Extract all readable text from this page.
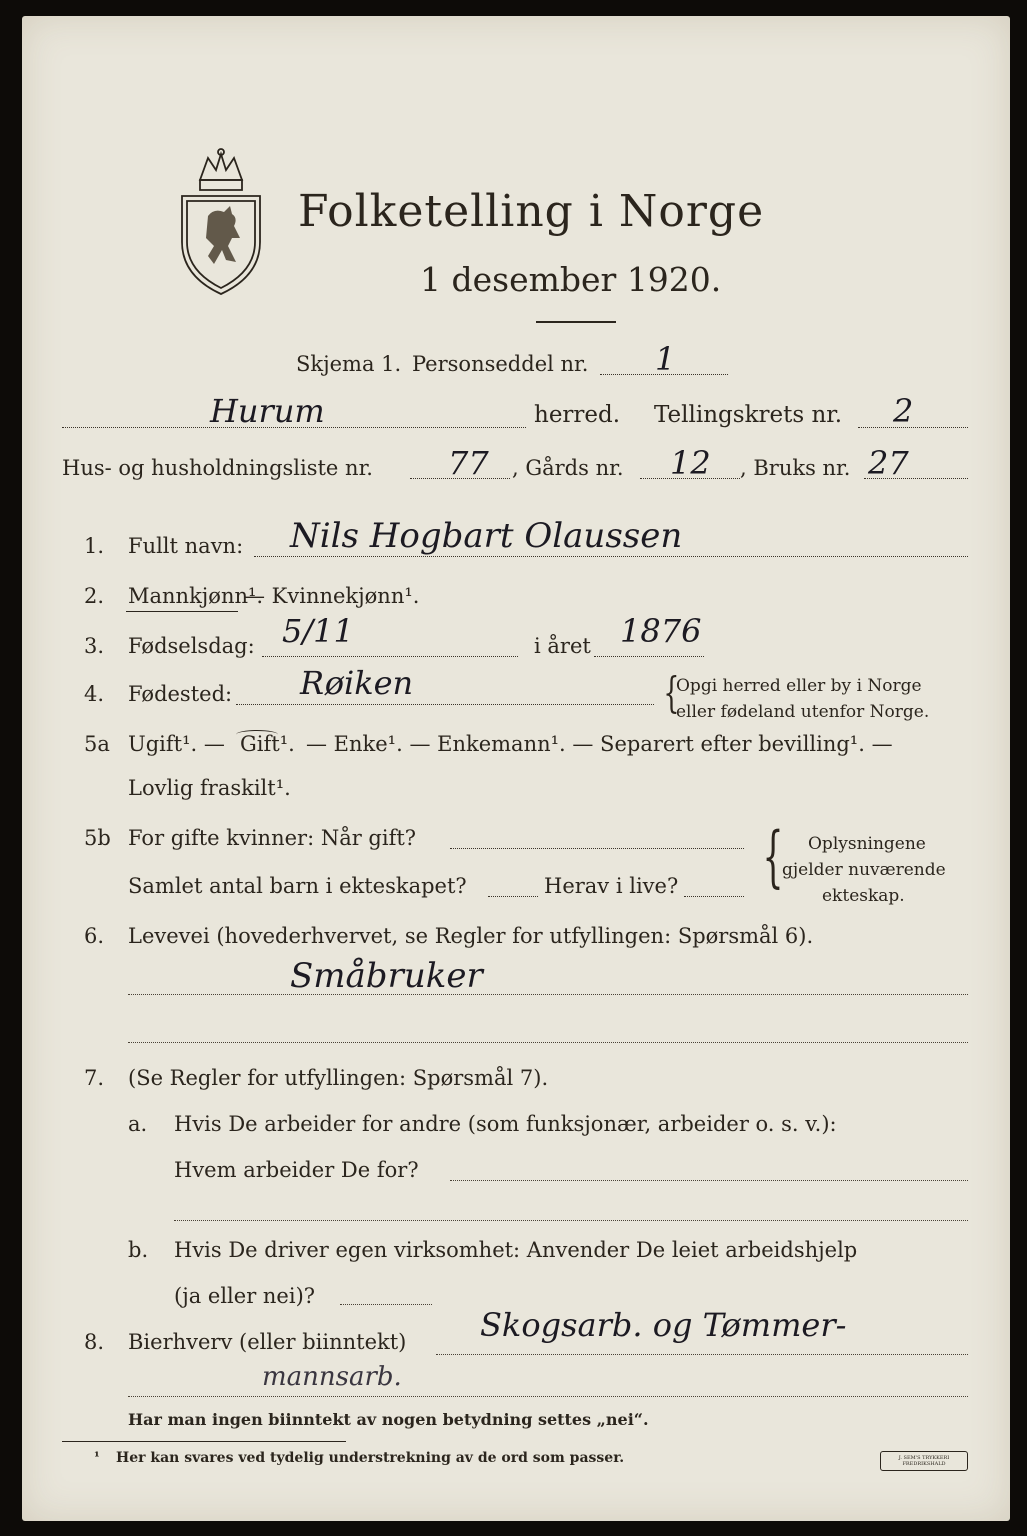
Folketelling i Norge
1 desember 1920.
Skjema 1. Personseddel nr. 1
Hurum	herred. Tellingskrets nr. 2
Hus- og husholdningsliste nr. 77 , Gårds nr. 12 , Bruks nr. 27
1. Fullt navn: Nils Hogbart Olaussen
2. Mannkjønn¹.
— Kvinnekjønn¹.
3. Fødselsdag: 5/11	i året 1876
4. Fødested: Røiken	{
Opgi herred eller by i Norge
eller fødeland utenfor Norge.
5a Ugift¹. — Gift¹. — Enke¹. — Enkemann¹. — Separert efter bevilling¹. —
Lovlig fraskilt¹.
5b For gifte kvinner: Når gift?
Samlet antal barn i ekteskapet?	Herav i live? { Oplysningene
gjelder nuværende
ekteskap.
6. Levevei (hovederhvervet, se Regler for utfyllingen: Spørsmål 6).
Småbruker
7. (Se Regler for utfyllingen: Spørsmål 7).
a. Hvis De arbeider for andre (som funksjonær, arbeider o. s. v.):
Hvem arbeider De for?
b. Hvis De driver egen virksomhet: Anvender De leiet arbeidshjelp
(ja eller nei)?
8. Bierhverv (eller biinntekt) Skogsarb. og Tømmer-
mannsarb.
Har man ingen biinntekt av nogen betydning settes „nei“.
¹ Her kan svares ved tydelig understrekning av de ord som passer.	J. SEM'S TRYKKERI FREDRIKSHALD
